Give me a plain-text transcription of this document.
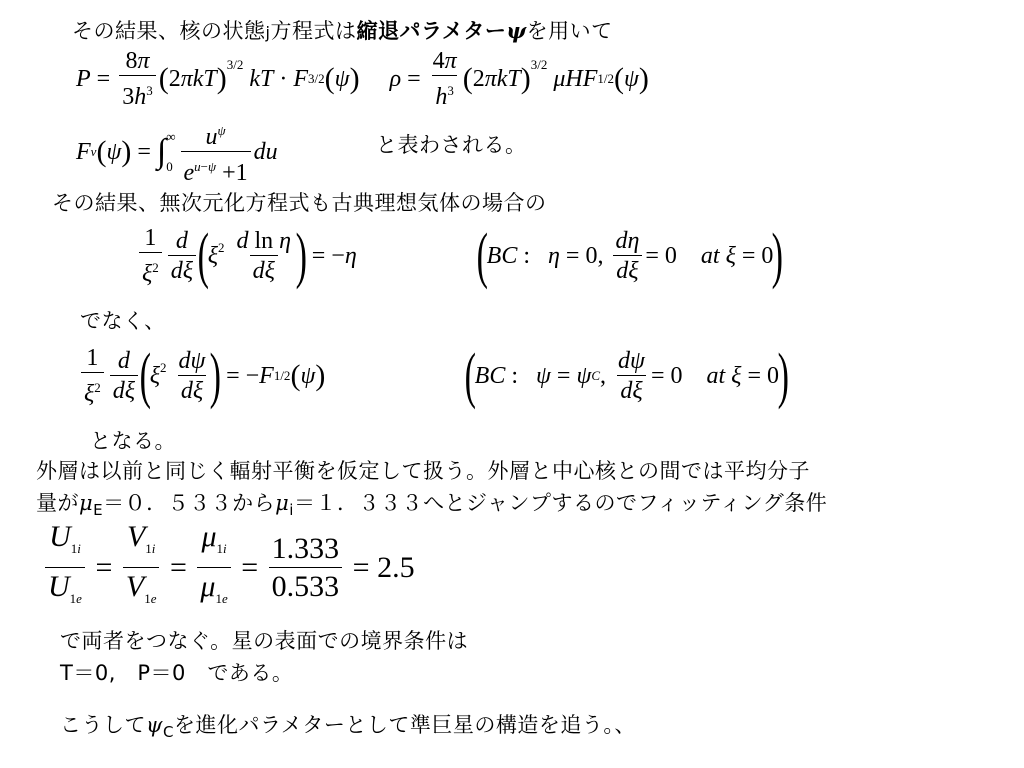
その結果、核の状態j方程式は縮退パラメターψを用いて
$P = \frac{8\pi}{3h^3}$ ( 2 πkT )$^{3/2}$

kT · F 3/2 ( ψ ) $\rho = \frac{4\pi}{h^3}$ ( 2 πkT )$^{3/2}$

μHF 1/2 ( ψ )
F ν ( ψ ) = ∫ ∞
$0 \frac{u^\psi}{e^{u-\psi} +1}$ du	と表わされる。
その結果、無次元化方程式も古典理想気体の場合の
$\frac{1}{\xi^2} \frac{d}{d\xi}$ (
$\xi^2$
$\frac{\text{d ln η}}{d\xi}$ )
= − η (
BC : η = 0, $\frac{d\eta}{d\xi} = 0$ at
ξ = 0
)
でなく、
$\frac{1}{\xi^2} \frac{d}{d\xi}$ (
$\xi^2$
$\frac{d\psi}{d\xi}$ )
= − F 1/2 ( ψ ) (
BC : ψ = ψ C , $\frac{d\psi}{d\xi} = 0$ at
ξ = 0
)
となる。
外層は以前と同じく輻射平衡を仮定して扱う。外層と中心核との間では平均分子
量が$\mu_E=0$．５３３から$\mu_i=1$．３３３へとジャンプするのでフィッティング条件
$\frac{U_{1i}}{U_{1e}} = \frac{V_{1i}}{V_{1e}} = \frac{\mu_{1i}}{\mu_{1e}} = \frac{1.333}{0.533}$
= 2.5
で両者をつなぐ。星の表面での境界条件は
T＝0,　P＝0　である。
こうして$\psi_C$を進化パラメターとして準巨星の構造を追う。、
